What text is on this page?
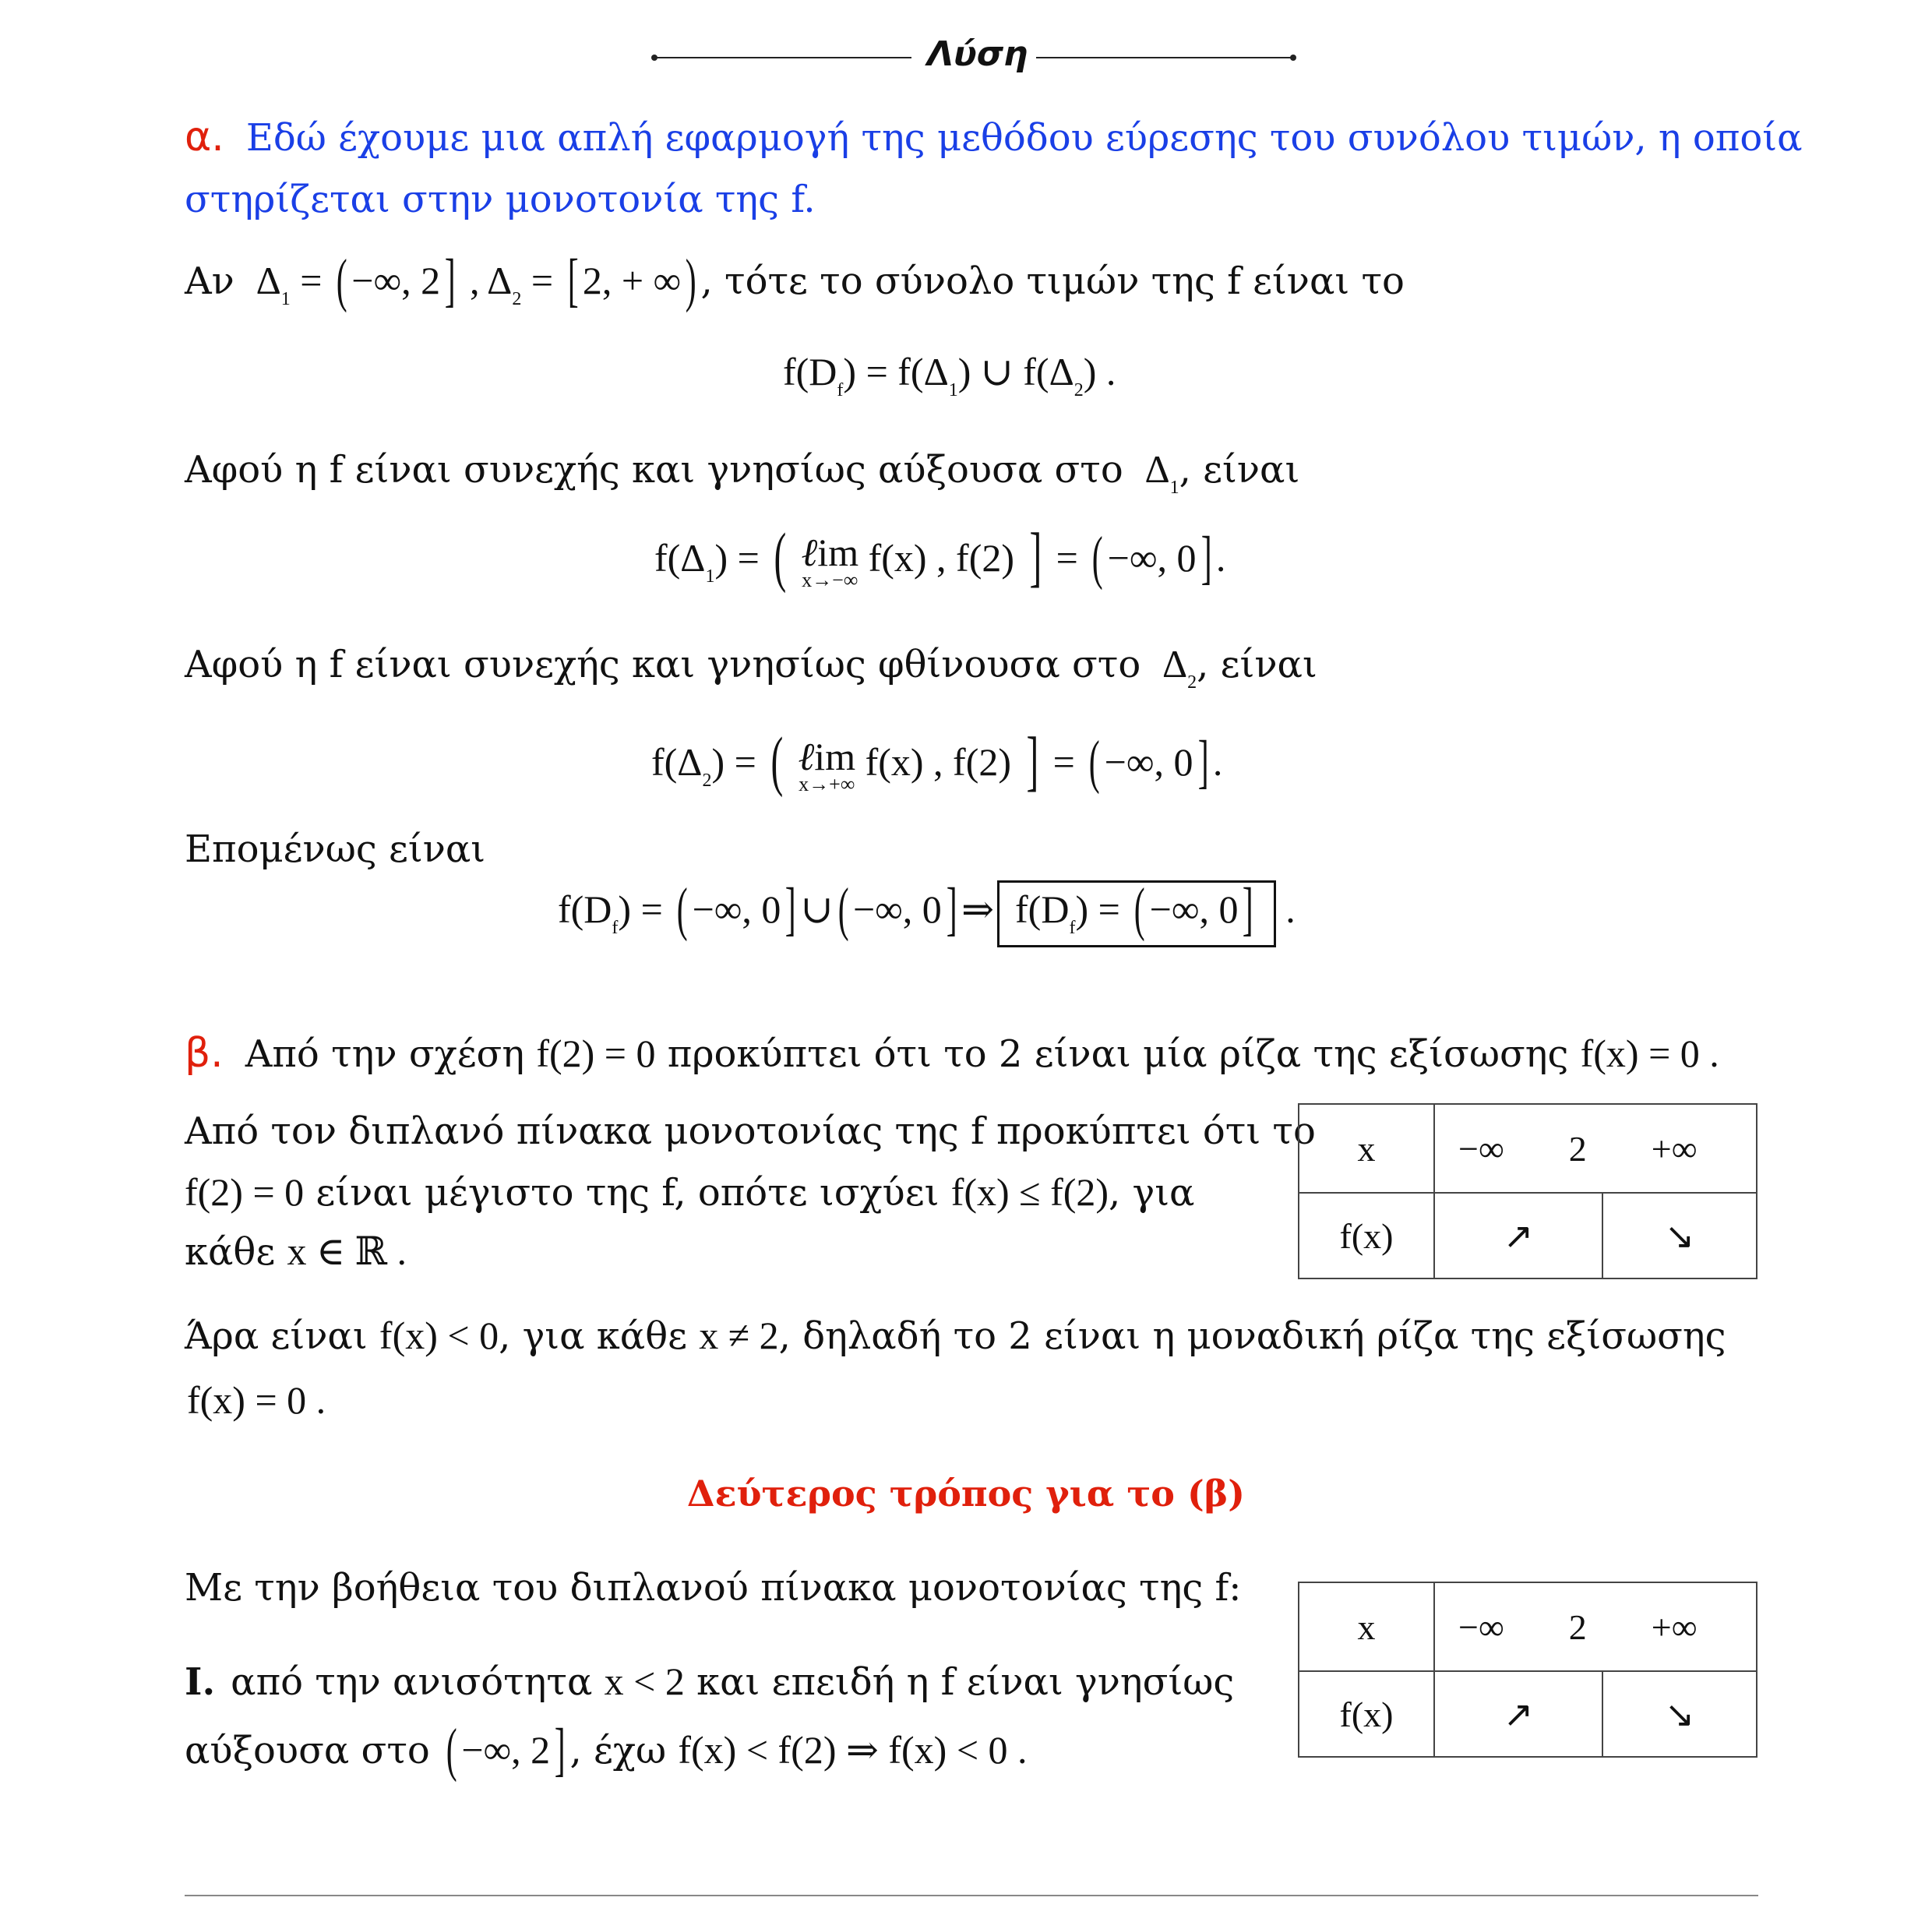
Λύση
α. Εδώ έχουμε μια απλή εφαρμογή της μεθόδου εύρεσης του συνόλου τιμών, η οποία
στηρίζεται στην μονοτονία της f.
Αν  $\Delta_1$ = ( −∞, 2] , $\Delta_2$ = [ 2, + ∞) , τότε το σύνολο τιμών της f είναι το
$f(D_f) = f(\Delta_1)$ ∪ $f(\Delta_2)$ .
Αφού η f είναι συνεχής και γνησίως αύξουσα στο  $\Delta_1$, είναι
$f(\Delta_1)$ = ( ℓim
x→−∞
f(x) , f(2) ] = ( −∞, 0] .
Αφού η f είναι συνεχής και γνησίως φθίνουσα στο  $\Delta_2$, είναι
$f(\Delta_2)$ = ( ℓim
x→+∞
f(x) , f(2) ] = ( −∞, 0] .
Επομένως είναι
$f(D_f)$ = ( −∞, 0] ∪( −∞, 0] ⇒ $f(D_f)$ = ( −∞, 0] .
β. Από την σχέση f(2) = 0 προκύπτει ότι το 2 είναι μία ρίζα της εξίσωσης f(x) = 0 .
Από τον διπλανό πίνακα μονοτονίας της f προκύπτει ότι το
f(2) = 0 είναι μέγιστο της f, οπότε ισχύει f(x) ≤ f(2), για
κάθε x ∈ ℝ .
x	−∞ 2 +∞	
f(x)	↗	↘
Άρα είναι f(x) < 0, για κάθε x ≠ 2, δηλαδή το 2 είναι η μοναδική ρίζα της εξίσωσης
f(x) = 0 .
Δεύτερος τρόπος για το (β)
Με την βοήθεια του διπλανού πίνακα μονοτονίας της f:
x	−∞ 2 +∞	
f(x)	↗	↘
Ι. από την ανισότητα x < 2 και επειδή η f είναι γνησίως
αύξουσα στο ( −∞, 2] , έχω f(x) < f(2) ⇒ f(x) < 0 .
